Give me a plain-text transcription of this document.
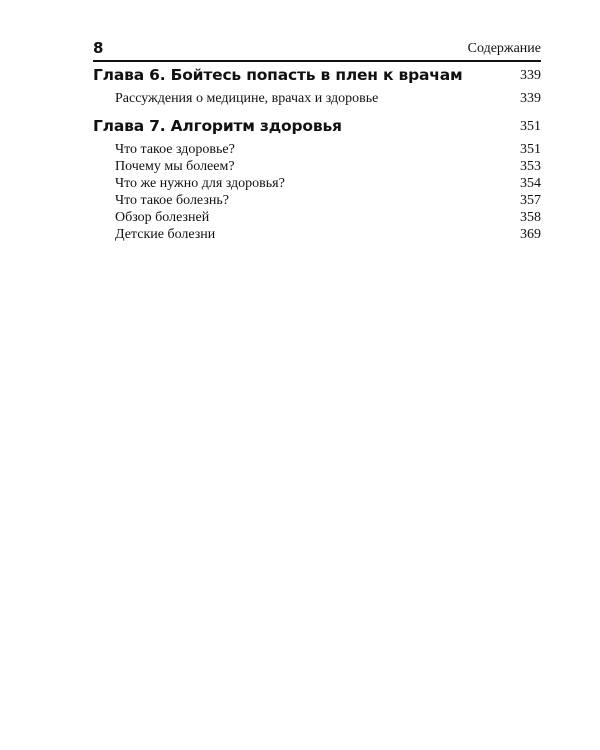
8	Содержание
Глава 6. Бойтесь попасть в плен к врачам	339
Рассуждения о медицине, врачах и здоровье	339
Глава 7. Алгоритм здоровья	351
Что такое здоровье?	351
Почему мы болеем?	353
Что же нужно для здоровья?	354
Что такое болезнь?	357
Обзор болезней	358
Детские болезни	369
